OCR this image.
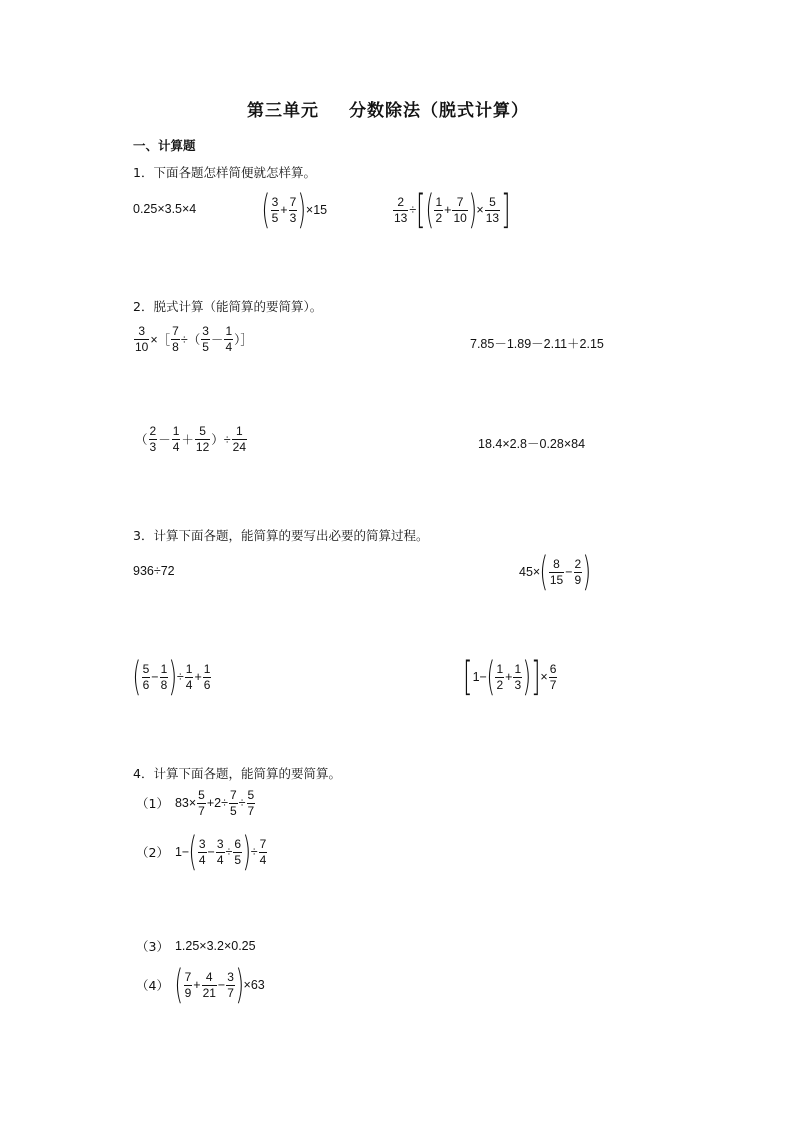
第三单元 分数除法（脱式计算）
一、计算题
1．下面各题怎样简便就怎样算。
0.25×3.5×4 ( $\frac{3}{5} + \frac{7}{3}$ ) ×15	$\frac{2}{13}$ ÷ [ ( $\frac{1}{2} + \frac{7}{10}$ ) × $\frac{5}{13}$ ]
2．脱式计算（能简算的要简算）。
$\frac{3}{10}$ ×［ $\frac{7}{8}$ ÷（ $\frac{3}{5} - \frac{1}{4}$ ）］	7.85－1.89－2.11＋2.15
（ $\frac{2}{3} - \frac{1}{4} + \frac{5}{12}$ ）÷ $\frac{1}{24}$	18.4×2.8－0.28×84
3．计算下面各题，能简算的要写出必要的简算过程。
936÷72	45× ( $\frac{8}{15} - \frac{2}{9}$ )
( $\frac{5}{6} - \frac{1}{8}$ ) ÷ $\frac{1}{4} + \frac{1}{6}$	[ 1− ( $\frac{1}{2} + \frac{1}{3}$ ) ] × $\frac{6}{7}$
4．计算下面各题，能简算的要简算。
（1） $83\times \frac{5}{7} +2\div \frac{7}{5} \div \frac{5}{7}$
（2） 1− ( $\frac{3}{4} - \frac{3}{4} \div \frac{6}{5}$ ) ÷ $\frac{7}{4}$
（3） 1.25×3.2×0.25
（4） ( $\frac{7}{9} + \frac{4}{21} - \frac{3}{7}$ ) ×63
